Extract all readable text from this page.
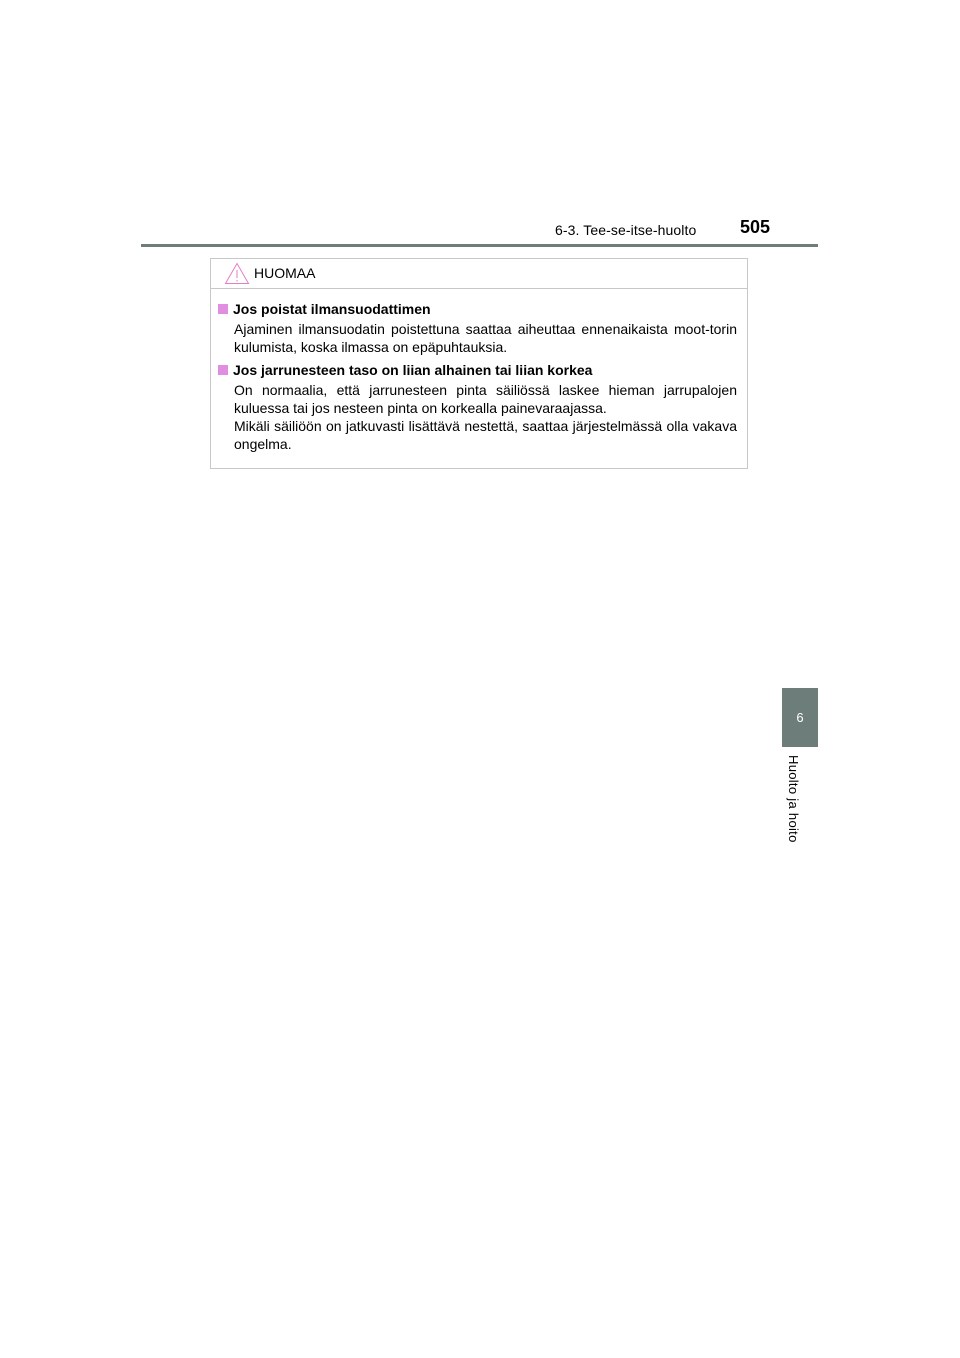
6-3. Tee-se-itse-huolto 505
6
Huolto ja hoito
HUOMAA
Jos poistat ilmansuodattimen
Ajaminen ilmansuodatin poistettuna saattaa aiheuttaa ennenaikaista moot-torin kulumista, koska ilmassa on epäpuhtauksia.
Jos jarrunesteen taso on liian alhainen tai liian korkea
On normaalia, että jarrunesteen pinta säiliössä laskee hieman jarrupalojen kuluessa tai jos nesteen pinta on korkealla painevaraajassa.
Mikäli säiliöön on jatkuvasti lisättävä nestettä, saattaa järjestelmässä olla vakava ongelma.
